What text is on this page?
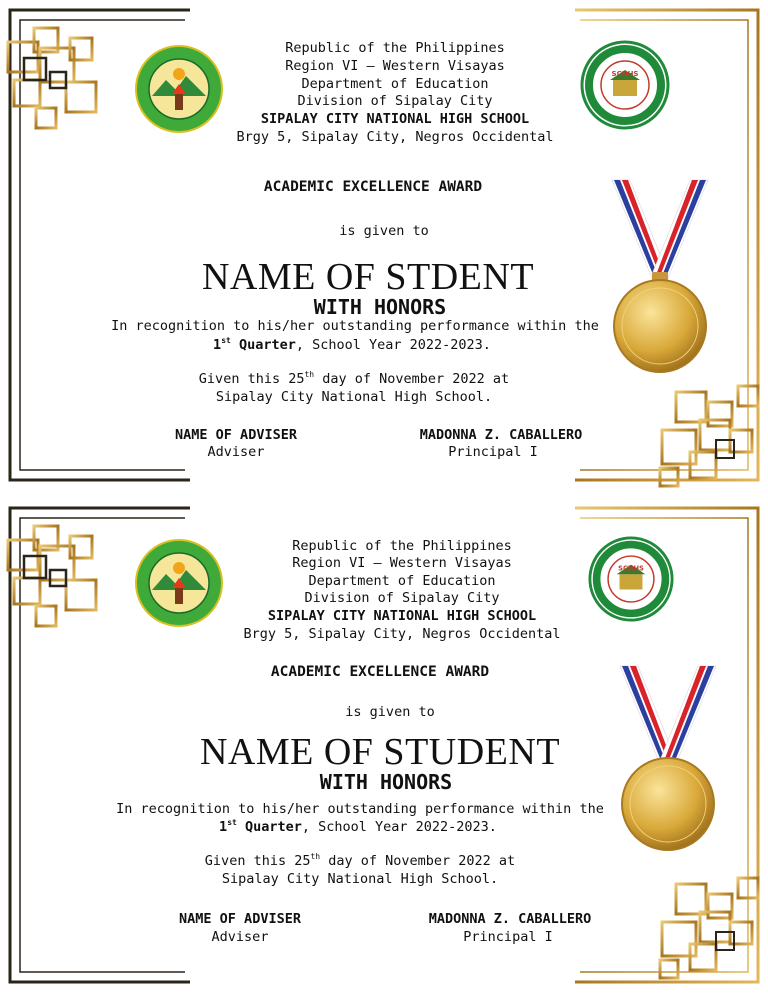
SCNHS
Republic of the Philippines
Region VI – Western Visayas
Department of Education
Division of Sipalay City
SIPALAY CITY NATIONAL HIGH SCHOOL
Brgy 5, Sipalay City, Negros Occidental
ACADEMIC EXCELLENCE AWARD
is given to
NAME OF STDENT
WITH HONORS
In recognition to his/her outstanding performance within the
1st Quarter, School Year 2022-2023.
Given this 25th day of November 2022 at
Sipalay City National High School.
NAME OF ADVISER
Adviser
MADONNA Z. CABALLERO
Principal I
SCNHS
Republic of the Philippines
Region VI – Western Visayas
Department of Education
Division of Sipalay City
SIPALAY CITY NATIONAL HIGH SCHOOL
Brgy 5, Sipalay City, Negros Occidental
ACADEMIC EXCELLENCE AWARD
is given to
NAME OF STUDENT
WITH HONORS
In recognition to his/her outstanding performance within the
1st Quarter, School Year 2022-2023.
Given this 25th day of November 2022 at
Sipalay City National High School.
NAME OF ADVISER
Adviser
MADONNA Z. CABALLERO
Principal I
